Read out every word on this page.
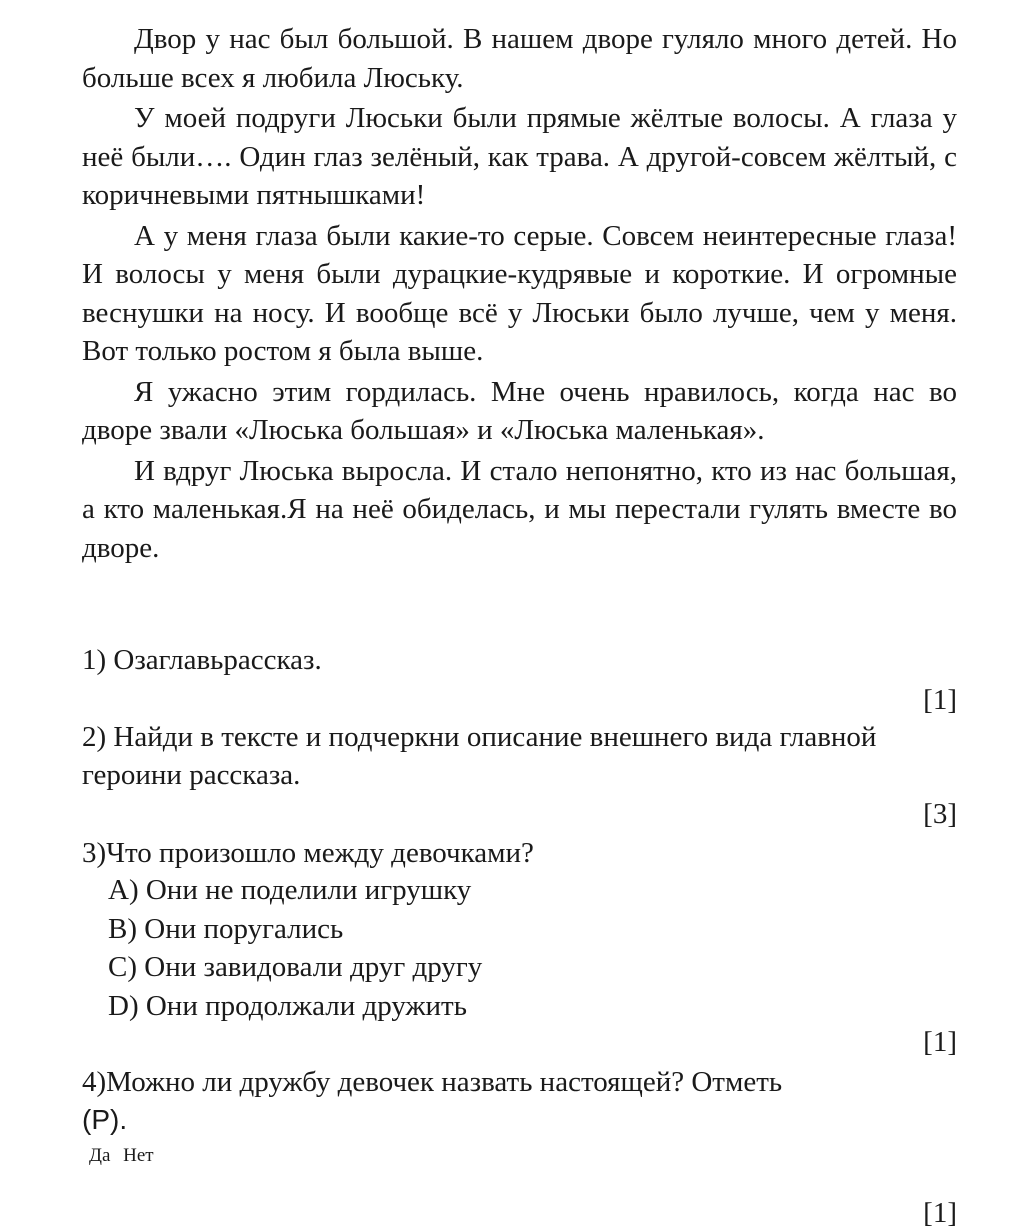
Двор у нас был большой. В нашем дворе гуляло много детей. Но больше всех я любила Люську.

У моей подруги Люськи были прямые жёлтые волосы. А глаза у неё были…. Один глаз зелёный, как трава. А другой-совсем жёлтый, с коричневыми пятнышками!

А у меня глаза были какие-то серые. Совсем неинтересные глаза! И волосы у меня были дурацкие-кудрявые и короткие. И огромные веснушки на носу. И вообще всё у Люськи было лучше, чем у меня. Вот только ростом я была выше.

Я ужасно этим гордилась. Мне очень нравилось, когда нас во дворе звали «Люська большая» и «Люська маленькая».

И вдруг Люська выросла. И стало непонятно, кто из нас большая, а кто маленькая.Я на неё обиделась, и мы перестали гулять вместе во дворе.

1) Озаглавьрассказ.
[1]
2) Найди в тексте и подчеркни описание внешнего вида главной героини рассказа.
[3]
3)Что произошло между девочками?
А) Они не поделили игрушку
В) Они поругались
С) Они завидовали друг другу
D) Они продолжали дружить
[1]
4)Можно ли дружбу девочек назвать настоящей? Отметь
(Р).
Да Нет
[1]
